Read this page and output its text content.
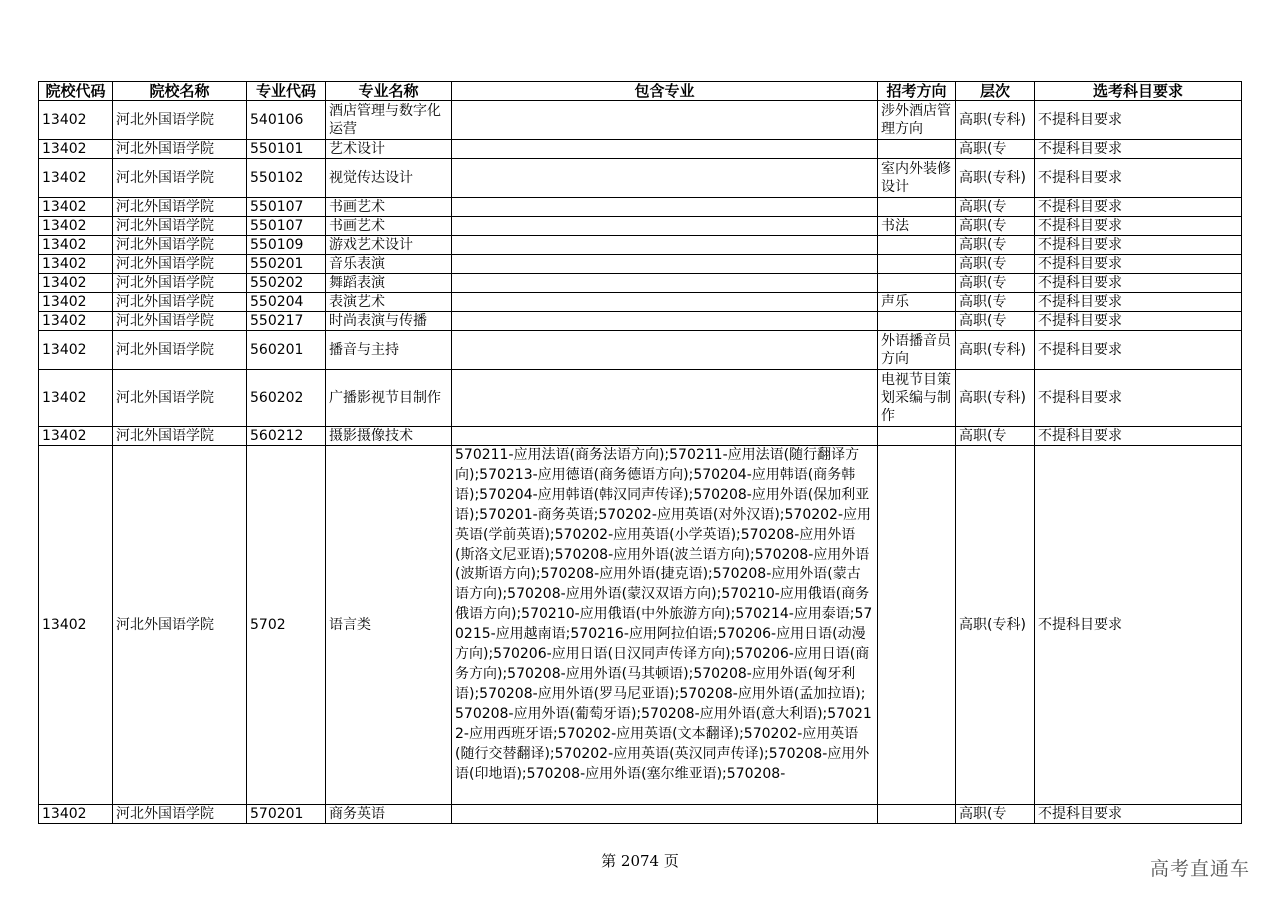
院校代码	院校名称	专业代码	专业名称	包含专业	招考方向	层次	选考科目要求
13402	河北外国语学院	540106	酒店管理与数字化运营		涉外酒店管理方向	高职(专科)	不提科目要求
13402	河北外国语学院	550101	艺术设计			高职(专	不提科目要求
13402	河北外国语学院	550102	视觉传达设计		室内外装修设计	高职(专科)	不提科目要求
13402	河北外国语学院	550107	书画艺术			高职(专	不提科目要求
13402	河北外国语学院	550107	书画艺术		书法	高职(专	不提科目要求
13402	河北外国语学院	550109	游戏艺术设计			高职(专	不提科目要求
13402	河北外国语学院	550201	音乐表演			高职(专	不提科目要求
13402	河北外国语学院	550202	舞蹈表演			高职(专	不提科目要求
13402	河北外国语学院	550204	表演艺术		声乐	高职(专	不提科目要求
13402	河北外国语学院	550217	时尚表演与传播			高职(专	不提科目要求
13402	河北外国语学院	560201	播音与主持		外语播音员方向	高职(专科)	不提科目要求
13402	河北外国语学院	560202	广播影视节目制作		电视节目策划采编与制作	高职(专科)	不提科目要求
13402	河北外国语学院	560212	摄影摄像技术			高职(专	不提科目要求
13402	河北外国语学院	5702	语言类	570211-应用法语(商务法语方向);570211-应用法语(随行翻译方向);570213-应用德语(商务德语方向);570204-应用韩语(商务韩语);570204-应用韩语(韩汉同声传译);570208-应用外语(保加利亚语);570201-商务英语;570202-应用英语(对外汉语);570202-应用英语(学前英语);570202-应用英语(小学英语);570208-应用外语(斯洛文尼亚语);570208-应用外语(波兰语方向);570208-应用外语(波斯语方向);570208-应用外语(捷克语);570208-应用外语(蒙古语方向);570208-应用外语(蒙汉双语方向);570210-应用俄语(商务俄语方向);570210-应用俄语(中外旅游方向);570214-应用泰语;570215-应用越南语;570216-应用阿拉伯语;570206-应用日语(动漫方向);570206-应用日语(日汉同声传译方向);570206-应用日语(商务方向);570208-应用外语(马其顿语);570208-应用外语(匈牙利语);570208-应用外语(罗马尼亚语);570208-应用外语(孟加拉语);570208-应用外语(葡萄牙语);570208-应用外语(意大利语);570212-应用西班牙语;570202-应用英语(文本翻译);570202-应用英语(随行交替翻译);570202-应用英语(英汉同声传译);570208-应用外语(印地语);570208-应用外语(塞尔维亚语);570208-		高职(专科)	不提科目要求
13402	河北外国语学院	570201	商务英语			高职(专	不提科目要求
第 2074 页	高考直通车
